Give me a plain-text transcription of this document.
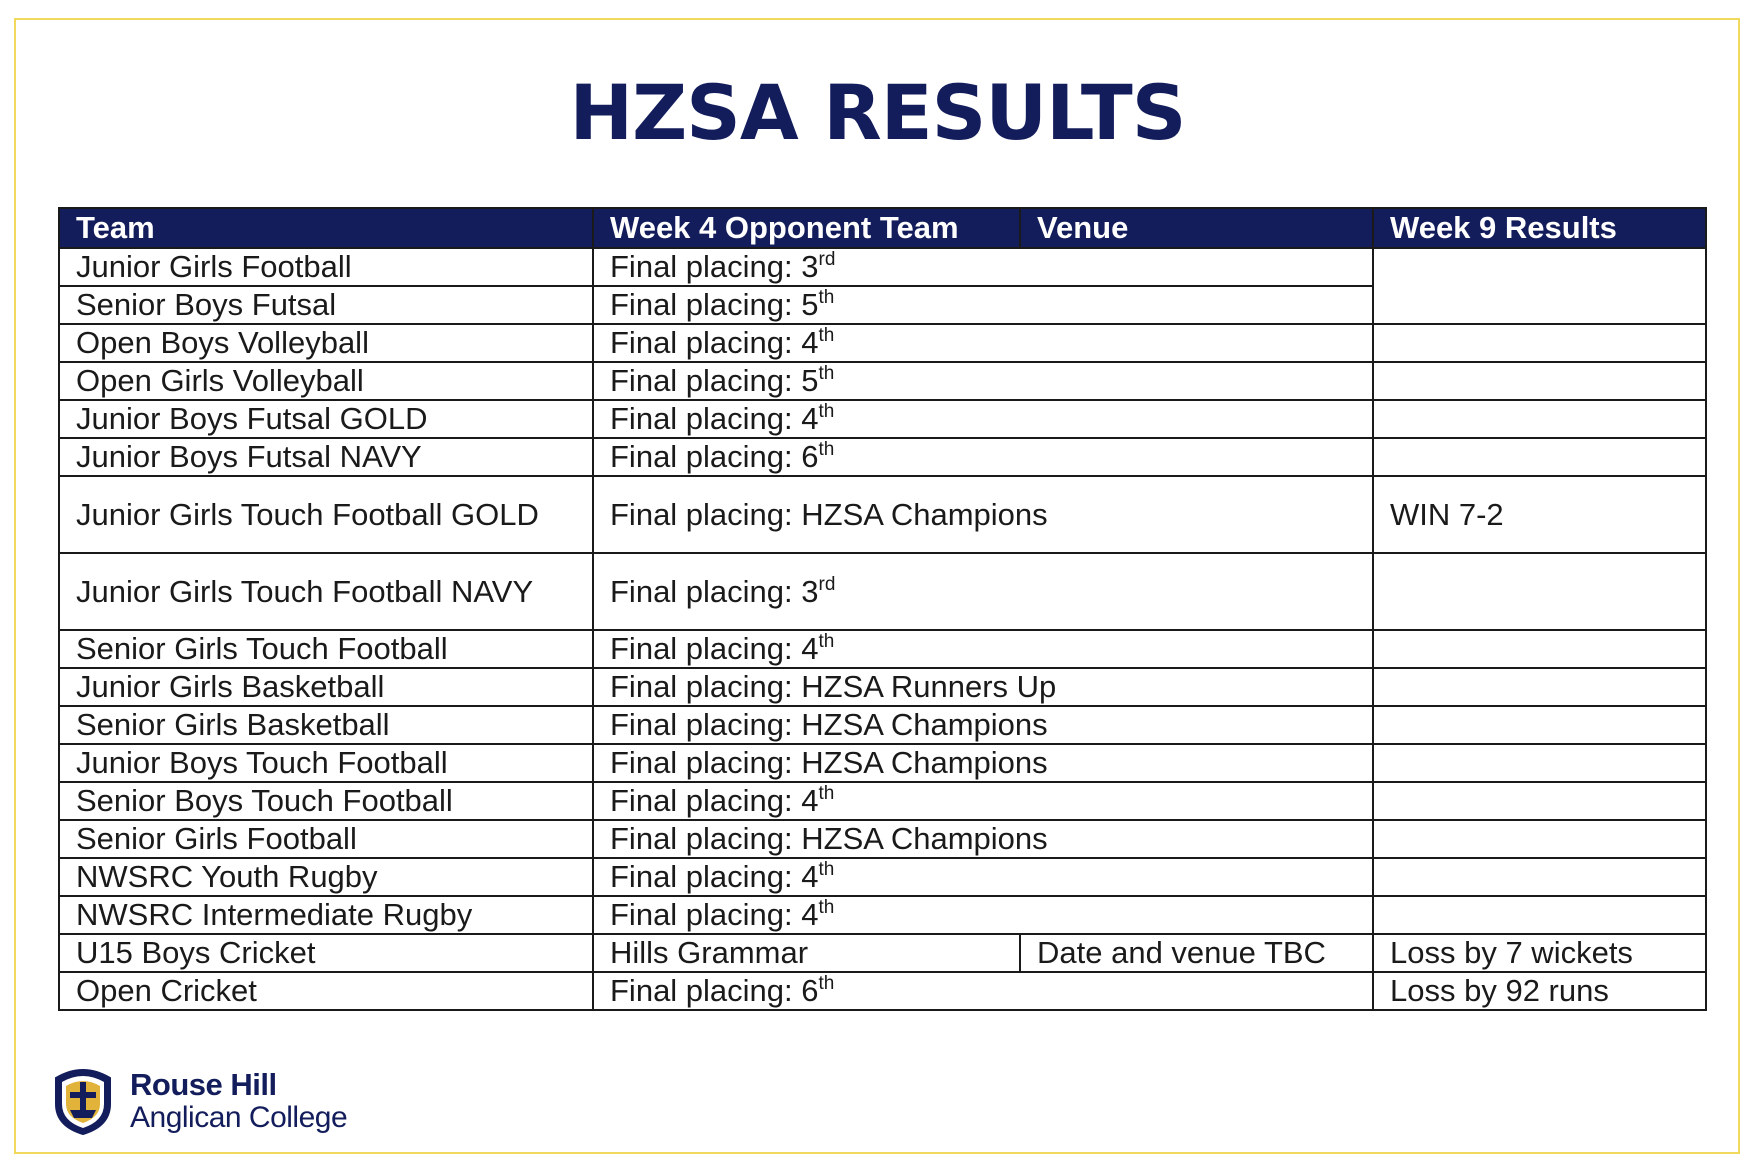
HZSA RESULTS
Team	Week 4 Opponent Team	Venue	Week 9 Results
Junior Girls Football	Final placing: 3rd	
Senior Boys Futsal	Final placing: 5th
Open Boys Volleyball	Final placing: 4th	
Open Girls Volleyball	Final placing: 5th	
Junior Boys Futsal GOLD	Final placing: 4th	
Junior Boys Futsal NAVY	Final placing: 6th	
Junior Girls Touch Football GOLD	Final placing: HZSA Champions		WIN 7-2
Junior Girls Touch Football NAVY	Final placing: 3rd	
Senior Girls Touch Football	Final placing: 4th	
Junior Girls Basketball	Final placing: HZSA Runners Up		
Senior Girls Basketball	Final placing: HZSA Champions		
Junior Boys Touch Football	Final placing: HZSA Champions		
Senior Boys Touch Football	Final placing: 4th	
Senior Girls Football	Final placing: HZSA Champions		
NWSRC Youth Rugby	Final placing: 4th	
NWSRC Intermediate Rugby	Final placing: 4th	
U15 Boys Cricket	Hills Grammar	Date and venue TBC	Loss by 7 wickets
Open Cricket	Final placing: 6th		Loss by 92 runs
Rouse Hill
Anglican College
